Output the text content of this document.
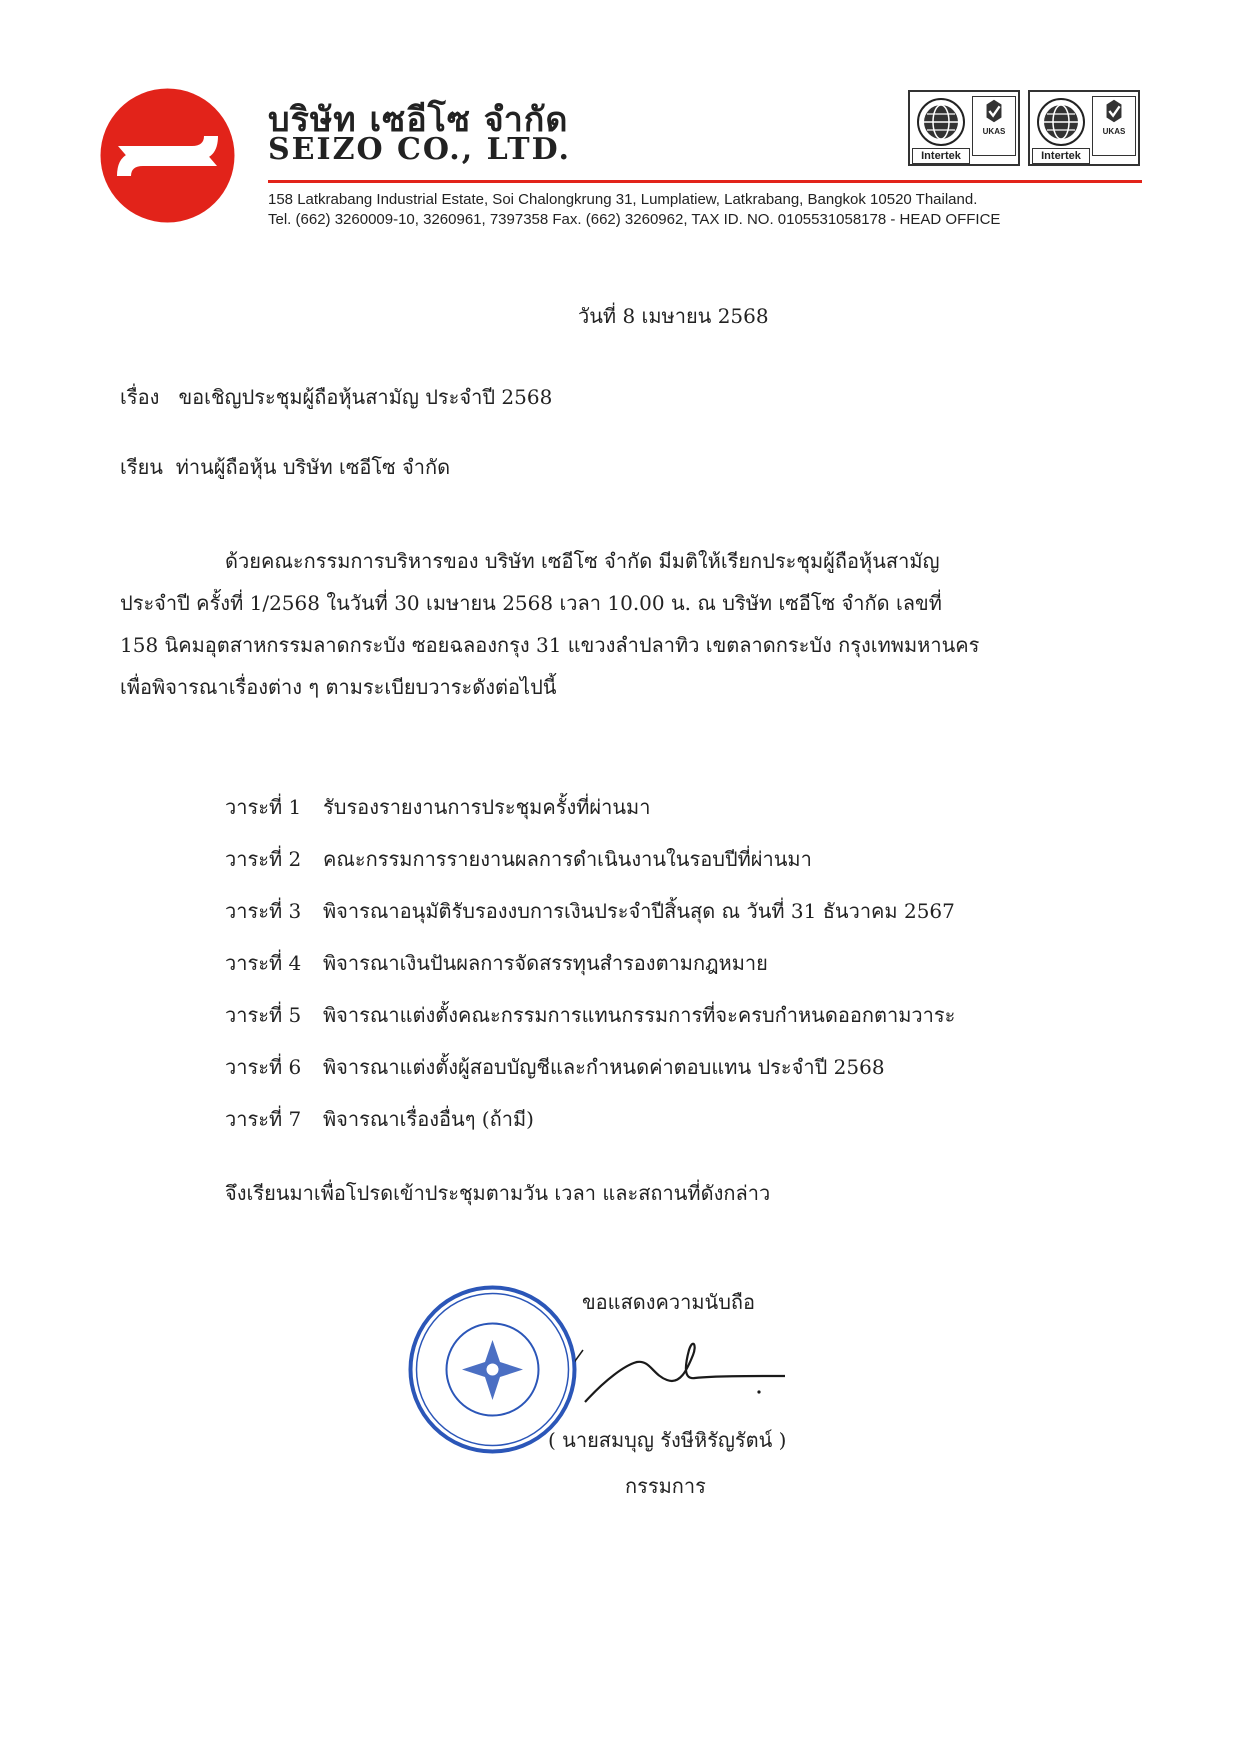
บริษัท เซอีโซ จำกัด
SEIZO CO., LTD.
UKAS
Intertek
UKAS
Intertek
158 Latkrabang Industrial Estate, Soi Chalongkrung 31, Lumplatiew, Latkrabang, Bangkok 10520 Thailand.
Tel. (662) 3260009-10, 3260961, 7397358 Fax. (662) 3260962, TAX ID. NO. 0105531058178 - HEAD OFFICE
วันที่ 8 เมษายน 2568
เรื่อง ขอเชิญประชุมผู้ถือหุ้นสามัญ ประจำปี 2568
เรียน ท่านผู้ถือหุ้น บริษัท เซอีโซ จำกัด
ด้วยคณะกรรมการบริหารของ บริษัท เซอีโซ จำกัด มีมติให้เรียกประชุมผู้ถือหุ้นสามัญ
ประจำปี ครั้งที่ 1/2568 ในวันที่ 30 เมษายน 2568 เวลา 10.00 น. ณ บริษัท เซอีโซ จำกัด เลขที่
158 นิคมอุตสาหกรรมลาดกระบัง ซอยฉลองกรุง 31 แขวงลำปลาทิว เขตลาดกระบัง กรุงเทพมหานคร
เพื่อพิจารณาเรื่องต่าง ๆ ตามระเบียบวาระดังต่อไปนี้
วาระที่ 1 รับรองรายงานการประชุมครั้งที่ผ่านมา
วาระที่ 2 คณะกรรมการรายงานผลการดำเนินงานในรอบปีที่ผ่านมา
วาระที่ 3 พิจารณาอนุมัติรับรองงบการเงินประจำปีสิ้นสุด ณ วันที่ 31 ธันวาคม 2567
วาระที่ 4 พิจารณาเงินปันผลการจัดสรรทุนสำรองตามกฎหมาย
วาระที่ 5 พิจารณาแต่งตั้งคณะกรรมการแทนกรรมการที่จะครบกำหนดออกตามวาระ
วาระที่ 6 พิจารณาแต่งตั้งผู้สอบบัญชีและกำหนดค่าตอบแทน ประจำปี 2568
วาระที่ 7 พิจารณาเรื่องอื่นๆ (ถ้ามี)
จึงเรียนมาเพื่อโปรดเข้าประชุมตามวัน เวลา และสถานที่ดังกล่าว
ขอแสดงความนับถือ
( นายสมบุญ รังษีหิรัญรัตน์ )
กรรมการ
